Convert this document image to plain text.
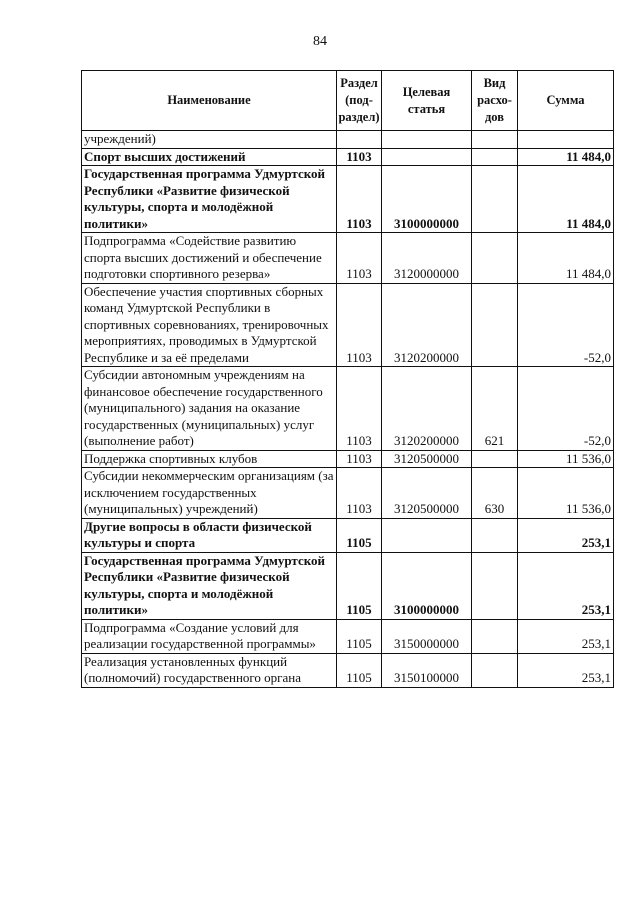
84
Наименование	Раздел (под-раздел)	Целевая статья	Вид расхо-дов	Сумма
учреждений)				
Спорт высших достижений	1103			11 484,0
Государственная программа Удмуртской Республики «Развитие физической культуры, спорта и молодёжной политики»	1103	3100000000		11 484,0
Подпрограмма «Содействие развитию спорта высших достижений и обеспечение подготовки спортивного резерва»	1103	3120000000		11 484,0
Обеспечение участия спортивных сборных команд Удмуртской Республики в спортивных соревнованиях, тренировочных мероприятиях, проводимых в Удмуртской Республике и за её пределами	1103	3120200000		-52,0
Субсидии автономным учреждениям на финансовое обеспечение государственного (муниципального) задания на оказание государственных (муниципальных) услуг (выполнение работ)	1103	3120200000	621	-52,0
Поддержка спортивных клубов	1103	3120500000		11 536,0
Субсидии некоммерческим организациям (за исключением государственных (муниципальных) учреждений)	1103	3120500000	630	11 536,0
Другие вопросы в области физической культуры и спорта	1105			253,1
Государственная программа Удмуртской Республики «Развитие физической культуры, спорта и молодёжной политики»	1105	3100000000		253,1
Подпрограмма «Создание условий для реализации государственной программы»	1105	3150000000		253,1
Реализация установленных функций (полномочий) государственного органа	1105	3150100000		253,1
